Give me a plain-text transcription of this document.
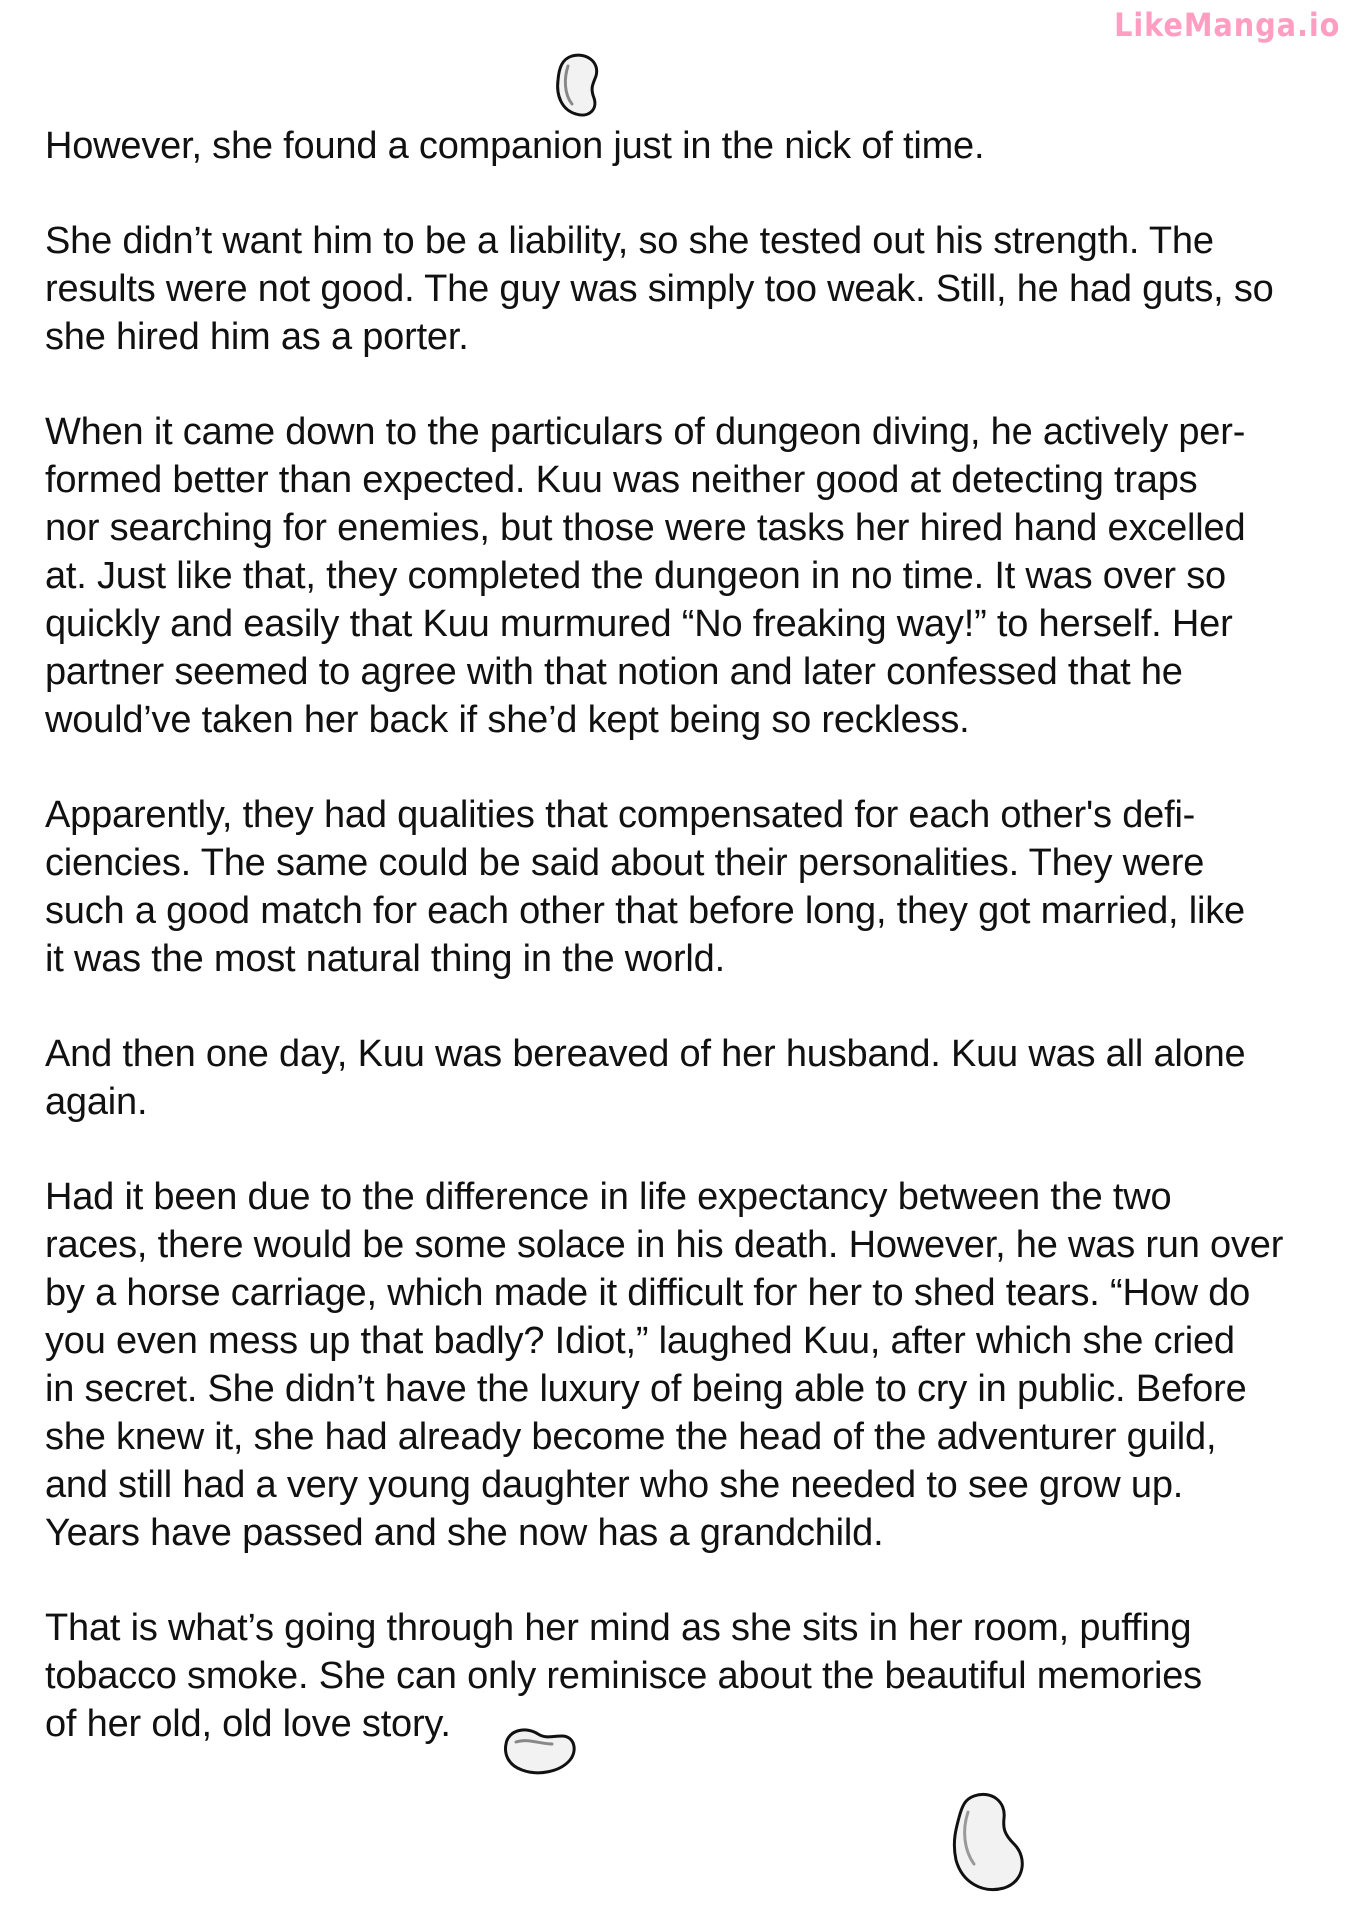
LikeManga.io

However, she found a companion just in the nick of time.

She didn’t want him to be a liability, so she tested out his strength. The
results were not good. The guy was simply too weak. Still, he had guts, so
she hired him as a porter.

When it came down to the particulars of dungeon diving, he actively per-
formed better than expected. Kuu was neither good at detecting traps
nor searching for enemies, but those were tasks her hired hand excelled
at. Just like that, they completed the dungeon in no time. It was over so
quickly and easily that Kuu murmured “No freaking way!” to herself. Her
partner seemed to agree with that notion and later confessed that he
would’ve taken her back if she’d kept being so reckless.

Apparently, they had qualities that compensated for each other's defi-
ciencies. The same could be said about their personalities. They were
such a good match for each other that before long, they got married, like
it was the most natural thing in the world.

And then one day, Kuu was bereaved of her husband. Kuu was all alone
again.

Had it been due to the difference in life expectancy between the two
races, there would be some solace in his death. However, he was run over
by a horse carriage, which made it difficult for her to shed tears. “How do
you even mess up that badly? Idiot,” laughed Kuu, after which she cried
in secret. She didn’t have the luxury of being able to cry in public. Before
she knew it, she had already become the head of the adventurer guild,
and still had a very young daughter who she needed to see grow up.
Years have passed and she now has a grandchild.

That is what’s going through her mind as she sits in her room, puffing
tobacco smoke. She can only reminisce about the beautiful memories
of her old, old love story.
